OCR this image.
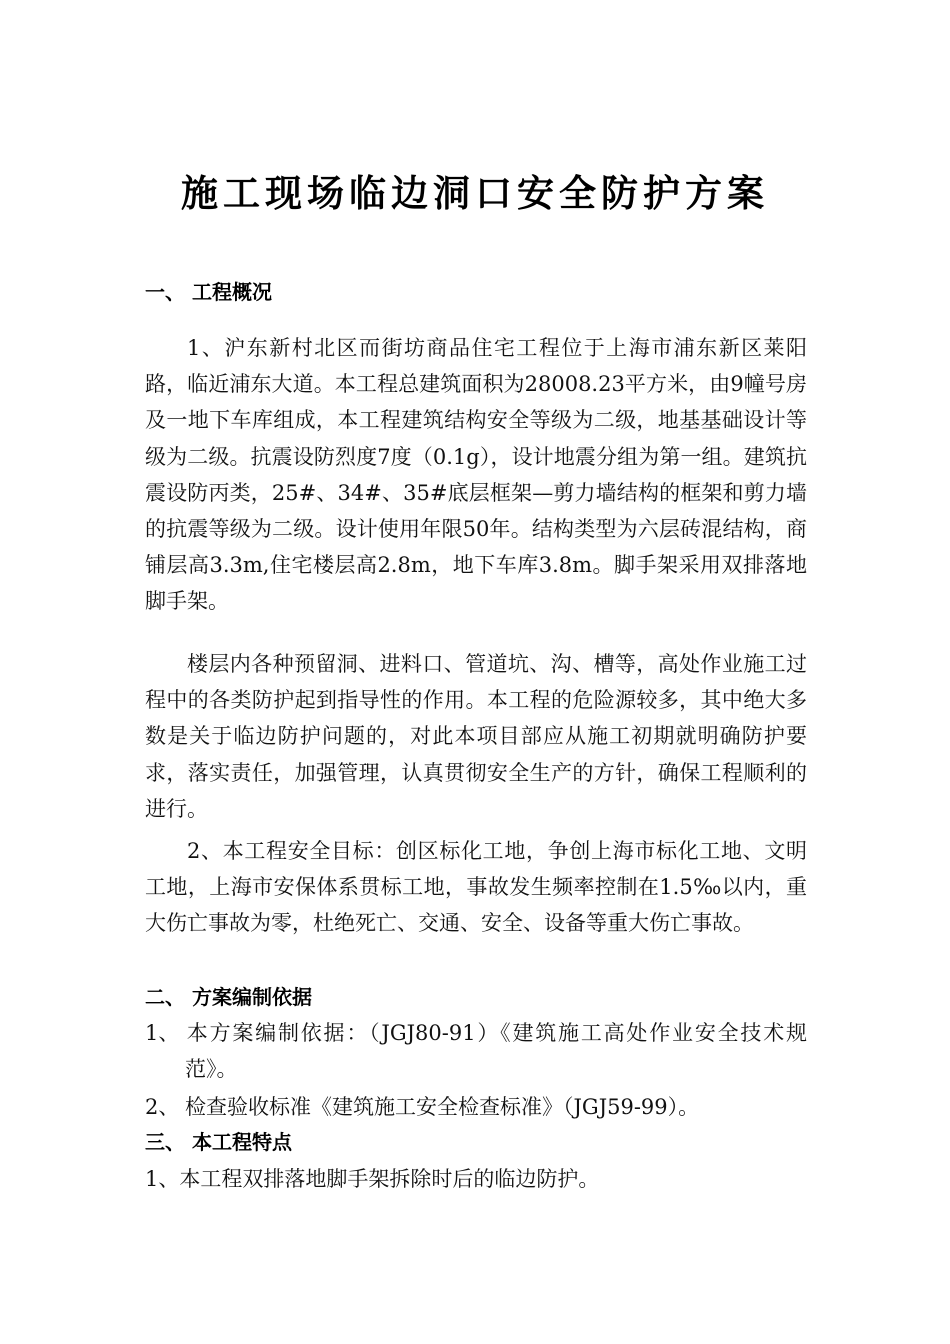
施工现场临边洞口安全防护方案
一、 工程概况
1、沪东新村北区而街坊商品住宅工程位于上海市浦东新区莱阳路，临近浦东大道。本工程总建筑面积为28008.23平方米，由9幢号房及一地下车库组成，本工程建筑结构安全等级为二级，地基基础设计等级为二级。抗震设防烈度7度（0.1g），设计地震分组为第一组。建筑抗震设防丙类，25#、34#、35#底层框架—剪力墙结构的框架和剪力墙的抗震等级为二级。设计使用年限50年。结构类型为六层砖混结构，商铺层高3.3m,住宅楼层高2.8m，地下车库3.8m。脚手架采用双排落地脚手架。
楼层内各种预留洞、进料口、管道坑、沟、槽等，高处作业施工过程中的各类防护起到指导性的作用。本工程的危险源较多，其中绝大多数是关于临边防护问题的，对此本项目部应从施工初期就明确防护要求，落实责任，加强管理，认真贯彻安全生产的方针，确保工程顺利的进行。
2、本工程安全目标：创区标化工地，争创上海市标化工地、文明工地，上海市安保体系贯标工地，事故发生频率控制在1.5‰以内，重大伤亡事故为零，杜绝死亡、交通、安全、设备等重大伤亡事故。
二、 方案编制依据
1、 本方案编制依据：（JGJ80-91）《建筑施工高处作业安全技术规范》。
2、 检查验收标准《建筑施工安全检查标准》（JGJ59-99）。
三、 本工程特点
1、本工程双排落地脚手架拆除时后的临边防护。
